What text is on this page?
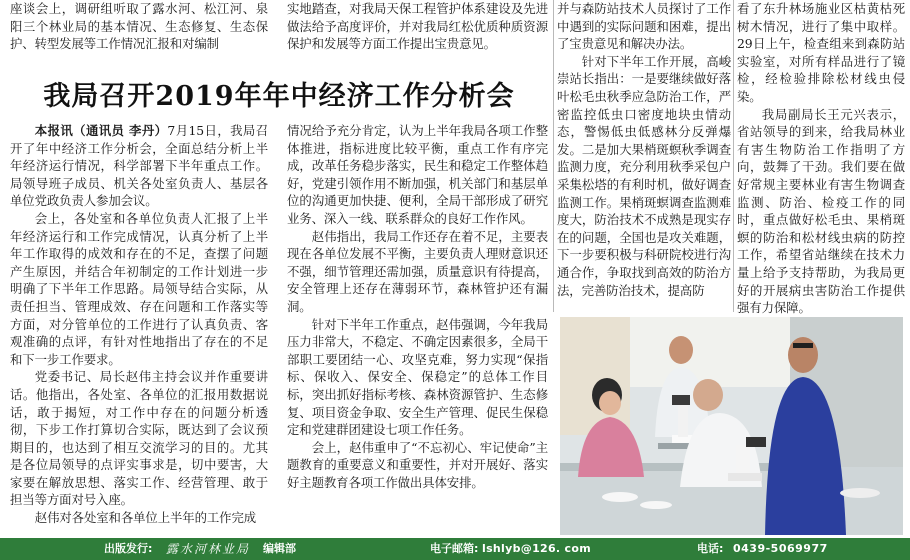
座谈会上，调研组听取了露水河、松江河、泉阳三个林业局的基本情况、生态修复、生态保护、转型发展等工作情况汇报和对编制

实地踏查，对我局天保工程管护体系建设及先进做法给予高度评价，并对我局红松优质种质资源保护和发展等方面工作提出宝贵意见。

我局召开2019年年中经济工作分析会

本报讯（通讯员 李丹）7月15日，我局召开了年中经济工作分析会，全面总结分析上半年经济运行情况，科学部署下半年重点工作。局领导班子成员、机关各处室负责人、基层各单位党政负责人参加会议。

会上，各处室和各单位负责人汇报了上半年经济运行和工作完成情况，认真分析了上半年工作取得的成效和存在的不足，查摆了问题产生原因，并结合年初制定的工作计划进一步明确了下半年工作思路。局领导结合实际，从责任担当、管理成效、存在问题和工作落实等方面，对分管单位的工作进行了认真负责、客观准确的点评，有针对性地指出了存在的不足和下一步工作要求。

党委书记、局长赵伟主持会议并作重要讲话。他指出，各处室、各单位的汇报用数据说话，敢于揭短，对工作中存在的问题分析透彻，下步工作打算切合实际，既达到了会议预期目的，也达到了相互交流学习的目的。尤其是各位局领导的点评实事求是，切中要害，大家要在解放思想、落实工作、经营管理、敢于担当等方面对号入座。

赵伟对各处室和各单位上半年的工作完成

情况给予充分肯定，认为上半年我局各项工作整体推进，指标进度比较平衡，重点工作有序完成，改革任务稳步落实，民生和稳定工作整体趋好，党建引领作用不断加强，机关部门和基层单位的沟通更加快捷、便利，全局干部形成了研究业务、深入一线、联系群众的良好工作作风。

赵伟指出，我局工作还存在着不足，主要表现在各单位发展不平衡，主要负责人理财意识还不强，细节管理还需加强，质量意识有待提高，安全管理上还存在薄弱环节，森林管护还有漏洞。

针对下半年工作重点，赵伟强调，今年我局压力非常大，不稳定、不确定因素很多，全局干部职工要团结一心、攻坚克难，努力实现“保指标、保收入、保安全、保稳定”的总体工作目标，突出抓好指标考核、森林资源管护、生态修复、项目资金争取、安全生产管理、促民生保稳定和党建群团建设七项工作任务。

会上，赵伟重申了“不忘初心、牢记使命”主题教育的重要意义和重要性，并对开展好、落实好主题教育各项工作做出具体安排。

并与森防站技术人员探讨了工作中遇到的实际问题和困难，提出了宝贵意见和解决办法。

针对下半年工作开展，高峻崇站长指出：一是要继续做好落叶松毛虫秋季应急防治工作，严密监控低虫口密度地块虫情动态，警惕低虫低感林分反弹爆发。二是加大果梢斑螟秋季调查监测力度，充分利用秋季采包户采集松塔的有利时机，做好调查监测工作。果梢斑螟调查监测难度大，防治技术不成熟是现实存在的问题，全国也是攻关难题，下一步要积极与科研院校进行沟通合作，争取找到高效的防治方法，完善防治技术，提高防

看了东升林场施业区枯黄枯死树木情况，进行了集中取样。29日上午，检查组来到森防站实验室，对所有样品进行了镜检，经检验排除松材线虫侵染。

我局副局长王元兴表示，省站领导的到来，给我局林业有害生物防治工作指明了方向，鼓舞了干劲。我们要在做好常规主要林业有害生物调查监测、防治、检疫工作的同时，重点做好松毛虫、果梢斑螟的防治和松材线虫病的防控工作，希望省站继续在技术力量上给予支持帮助，为我局更好的开展病虫害防治工作提供强有力保障。

出版发行: 露水河林业局 编辑部	电子邮箱: lshlyb@126. com	电话: 0439-5069977
